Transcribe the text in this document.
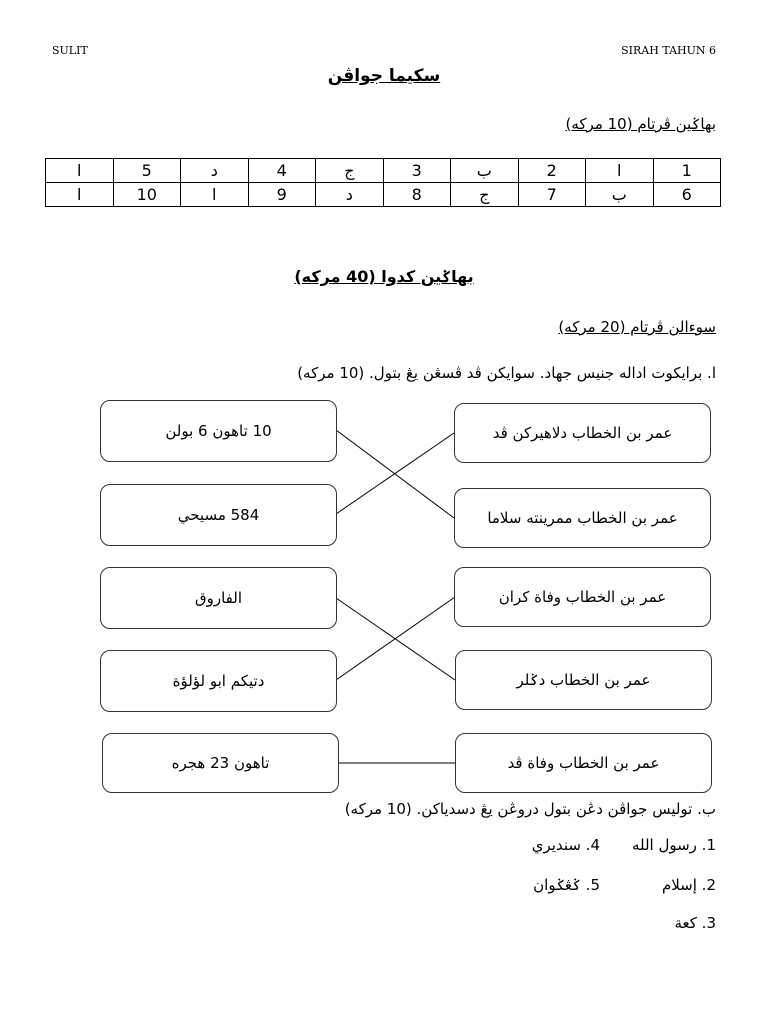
SULIT	SIRAH TAHUN 6
سكيما جواڤن
بهاݢين ڤرتام (10 مركه)
1	ا	2	ب	3	ج	4	د	5	ا
6	ب	7	ج	8	د	9	ا	10	ا
بهاݢين كدوا (40 مركه)
سوءالن ڤرتام (20 مركه)
ا. برايكوت اداله جنيس جهاد. سوايكن ڤد ڤسڠن يڠ بتول. (10 مركه)
عمر بن الخطاب دلاهيركن ڤد
عمر بن الخطاب ممرينته سلاما
عمر بن الخطاب وفاة كران
عمر بن الخطاب دݢلر
عمر بن الخطاب وفاة ڤد
10 تاهون 6 بولن
584 مسيحي
الفاروق
دتيكم ابو لؤلؤة
تاهون 23 هجره
ب. توليس جواڤن دڠن بتول دروڠن يڠ دسدياكن. (10 مركه)
1. رسول الله
4. سنديري
2. إسلام
5. ݢڠݢوان
3. كعة
